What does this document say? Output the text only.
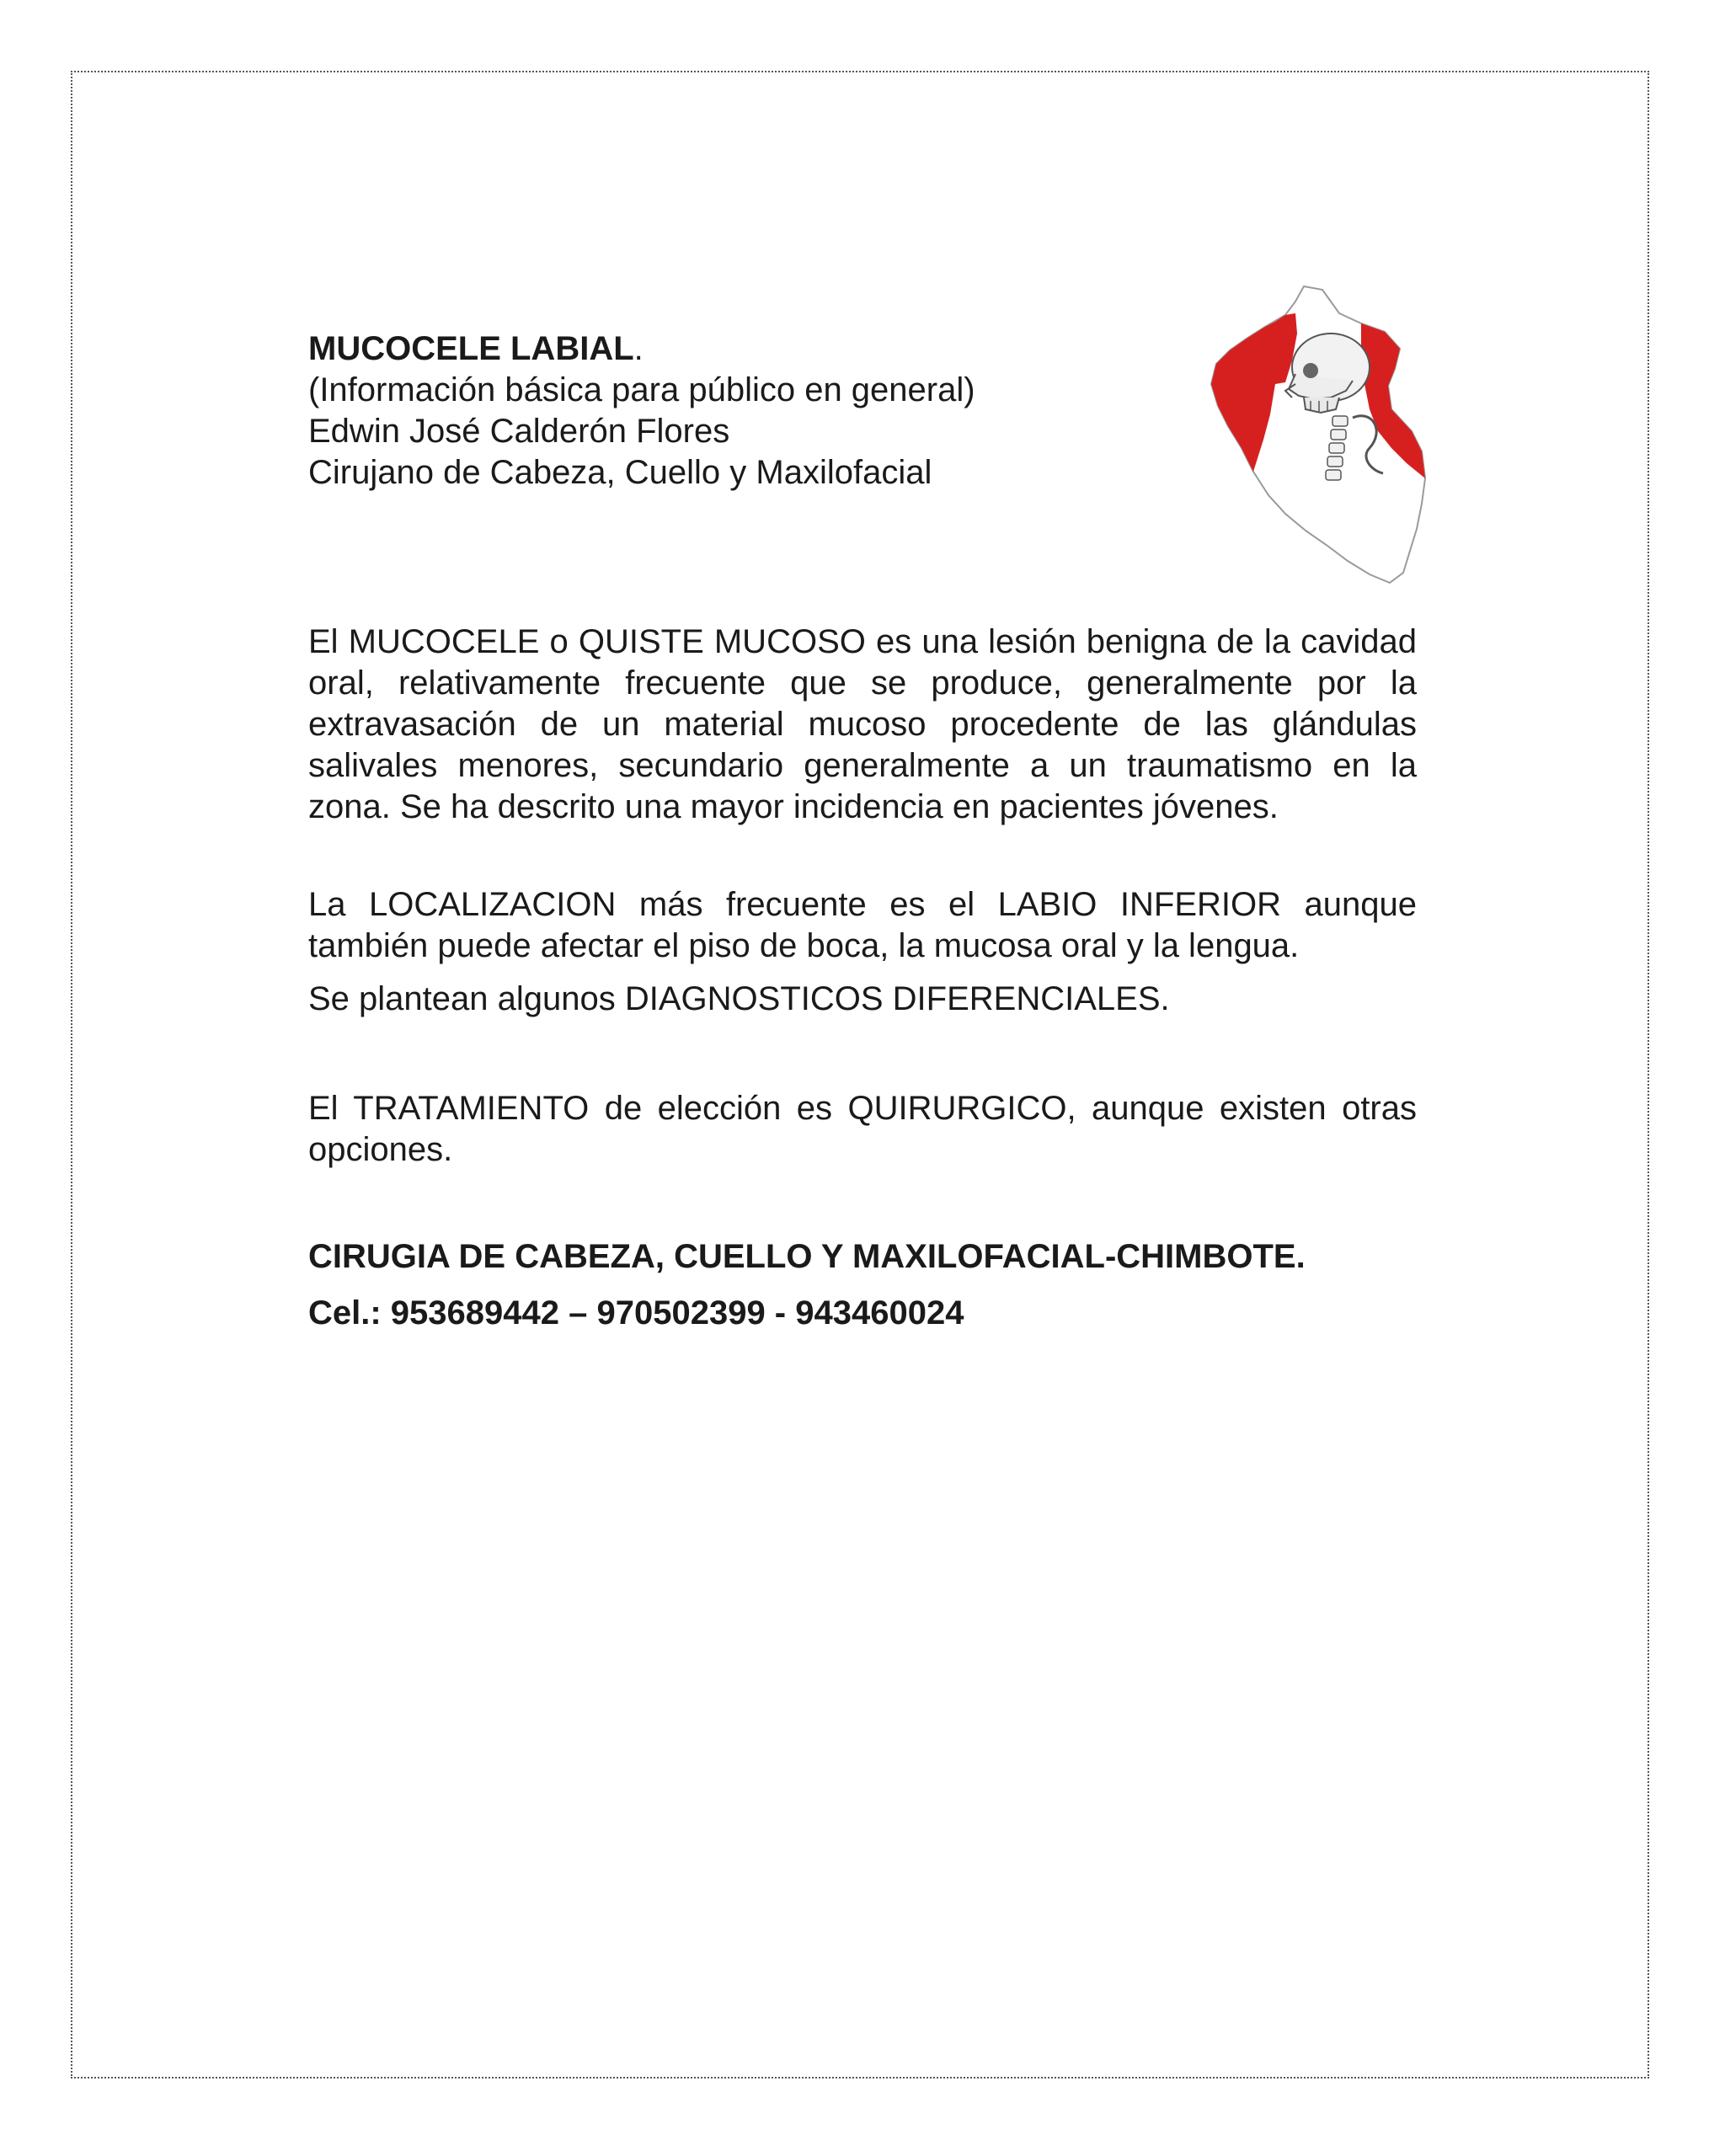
MUCOCELE LABIAL.
(Información básica para público en general)
Edwin José Calderón Flores
Cirujano de Cabeza, Cuello y Maxilofacial

El MUCOCELE o QUISTE MUCOSO es una lesión benigna de la cavidad oral, relativamente frecuente que se produce, generalmente por la extravasación de un material mucoso procedente de las glándulas salivales menores, secundario generalmente a un traumatismo en la zona. Se ha descrito una mayor incidencia en pacientes jóvenes.

La LOCALIZACION más frecuente es el LABIO INFERIOR aunque también puede afectar el piso de boca, la mucosa oral y la lengua.

Se plantean algunos DIAGNOSTICOS DIFERENCIALES.

El TRATAMIENTO de elección es QUIRURGICO, aunque existen otras opciones.

CIRUGIA DE CABEZA, CUELLO Y MAXILOFACIAL-CHIMBOTE.

Cel.: 953689442 – 970502399 - 943460024
